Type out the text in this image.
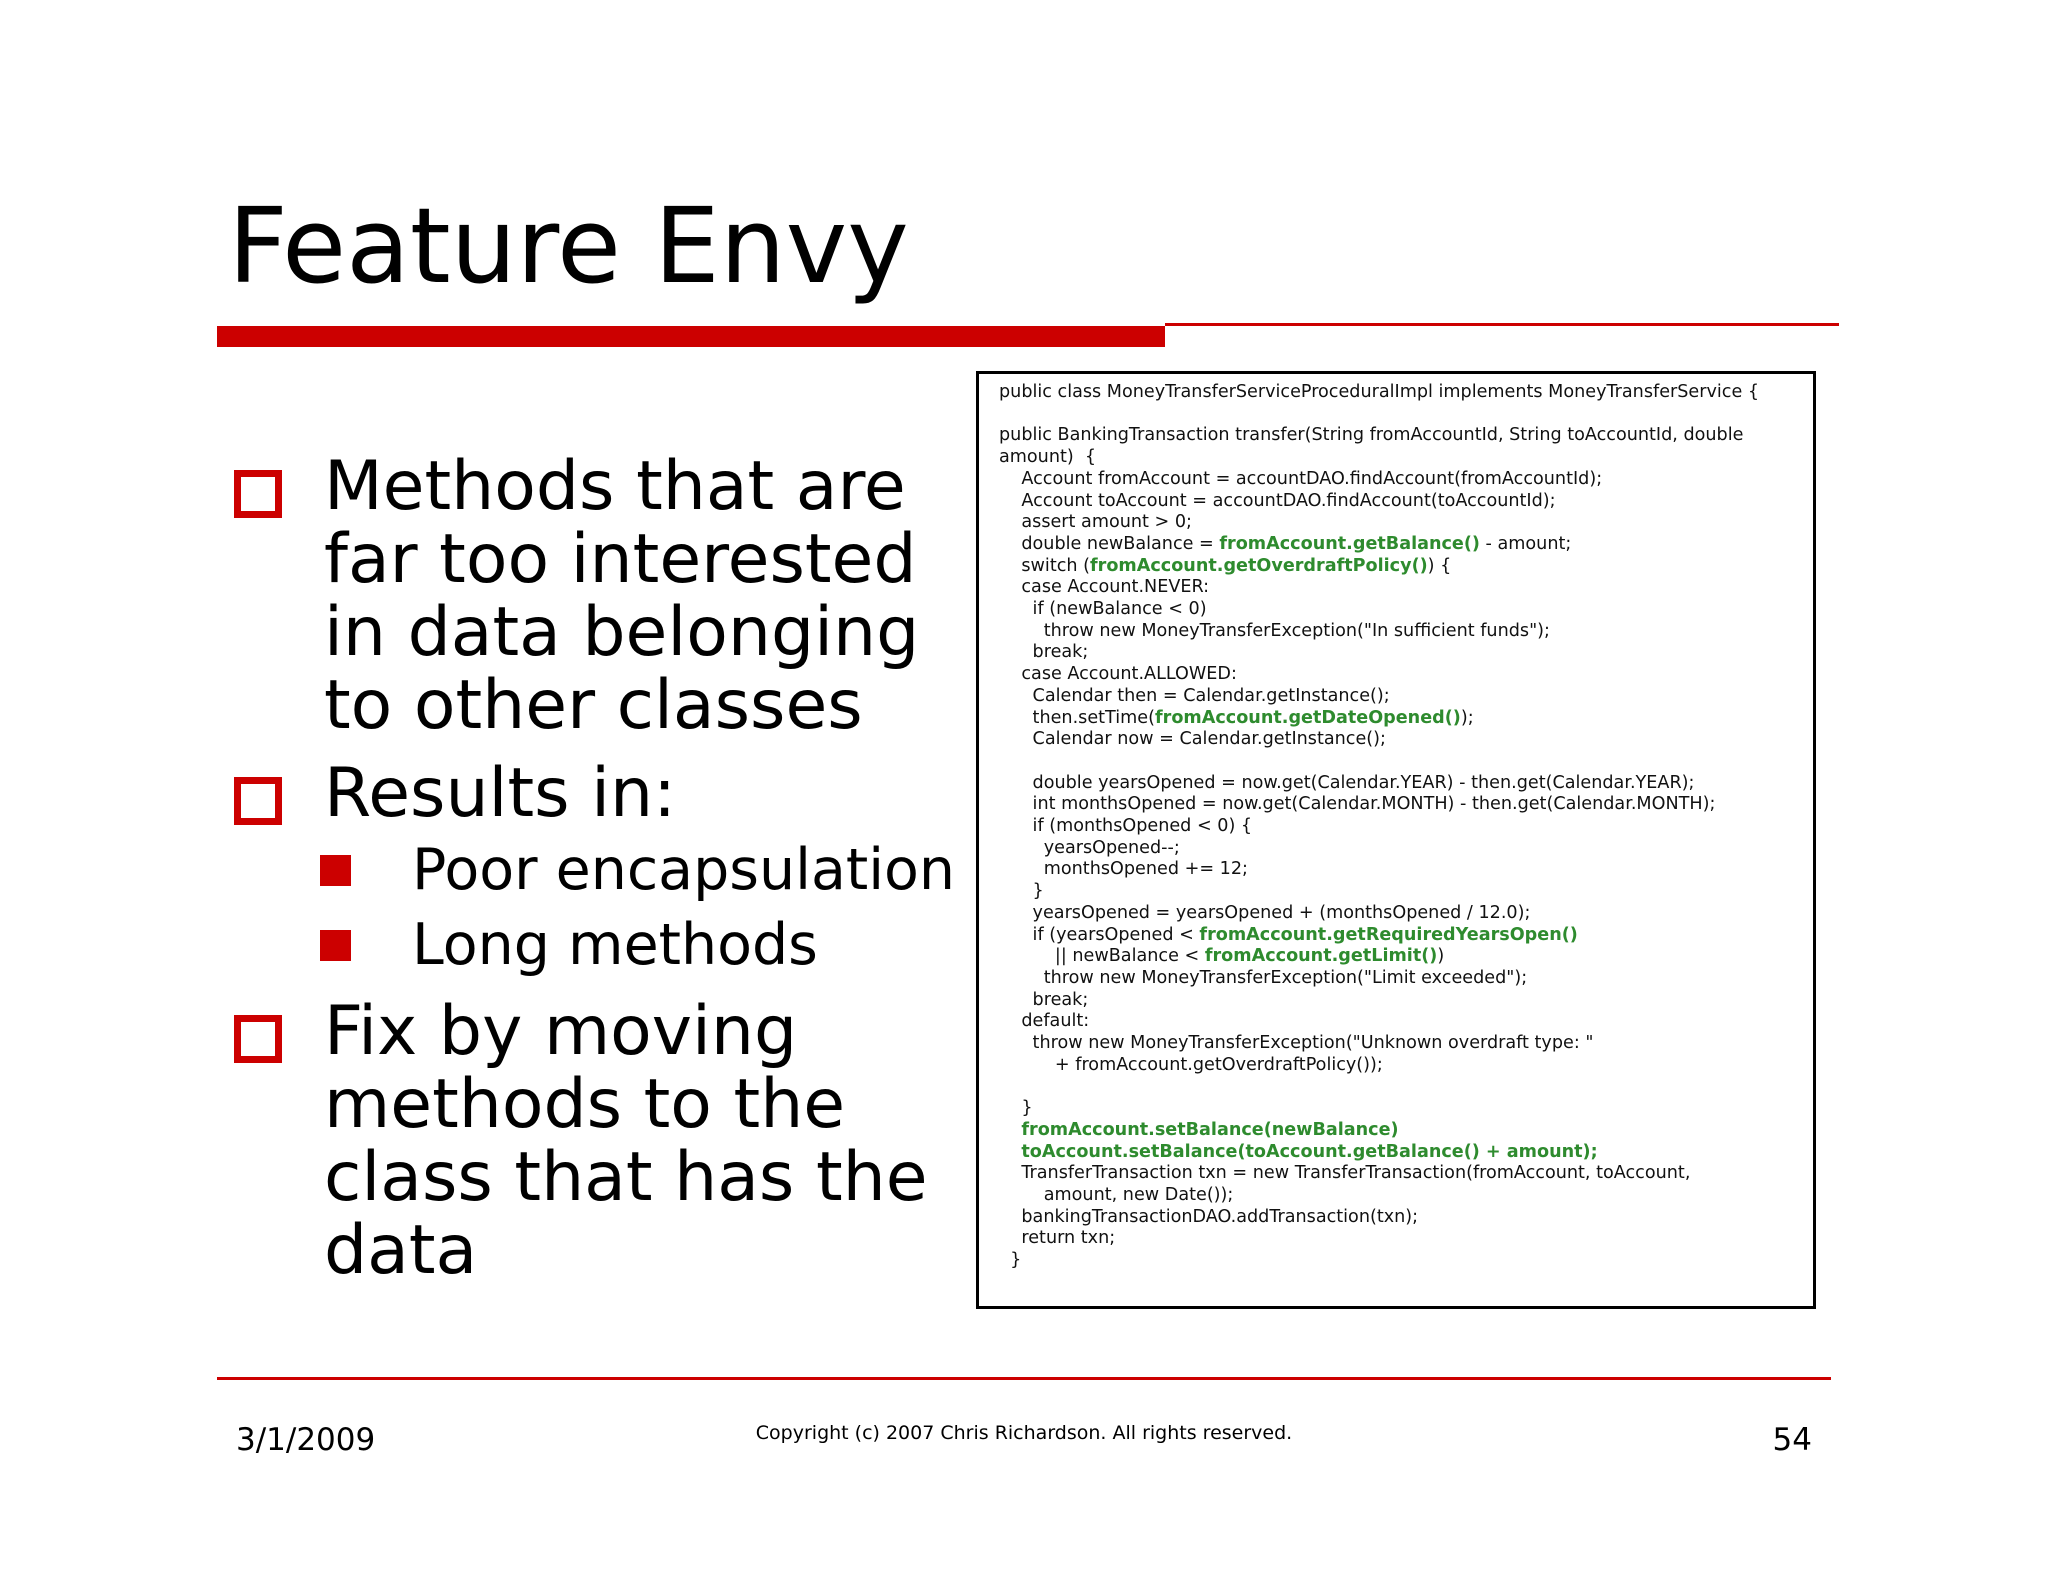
Feature Envy
Methods that are far too interested in data belonging to other classes
Results in:
Poor encapsulation
Long methods
Fix by moving methods to the class that has the data
public class MoneyTransferServiceProceduralImpl implements MoneyTransferService {
public BankingTransaction transfer(String fromAccountId, String toAccountId, double
amount)  {
Account fromAccount = accountDAO.findAccount(fromAccountId);
Account toAccount = accountDAO.findAccount(toAccountId);
assert amount > 0;
double newBalance = fromAccount.getBalance() - amount;
switch (fromAccount.getOverdraftPolicy()) {
case Account.NEVER:
if (newBalance < 0)
throw new MoneyTransferException("In sufficient funds");
break;
case Account.ALLOWED:
Calendar then = Calendar.getInstance();
then.setTime(fromAccount.getDateOpened());
Calendar now = Calendar.getInstance();
double yearsOpened = now.get(Calendar.YEAR) - then.get(Calendar.YEAR);
int monthsOpened = now.get(Calendar.MONTH) - then.get(Calendar.MONTH);
if (monthsOpened < 0) {
yearsOpened--;
monthsOpened += 12;
}
yearsOpened = yearsOpened + (monthsOpened / 12.0);
if (yearsOpened < fromAccount.getRequiredYearsOpen()
|| newBalance < fromAccount.getLimit())
throw new MoneyTransferException("Limit exceeded");
break;
default:
throw new MoneyTransferException("Unknown overdraft type: "
+ fromAccount.getOverdraftPolicy());
}
fromAccount.setBalance(newBalance)
toAccount.setBalance(toAccount.getBalance() + amount);
TransferTransaction txn = new TransferTransaction(fromAccount, toAccount,
amount, new Date());
bankingTransactionDAO.addTransaction(txn);
return txn;
}
3/1/2009	Copyright (c) 2007 Chris Richardson. All rights reserved.	54
